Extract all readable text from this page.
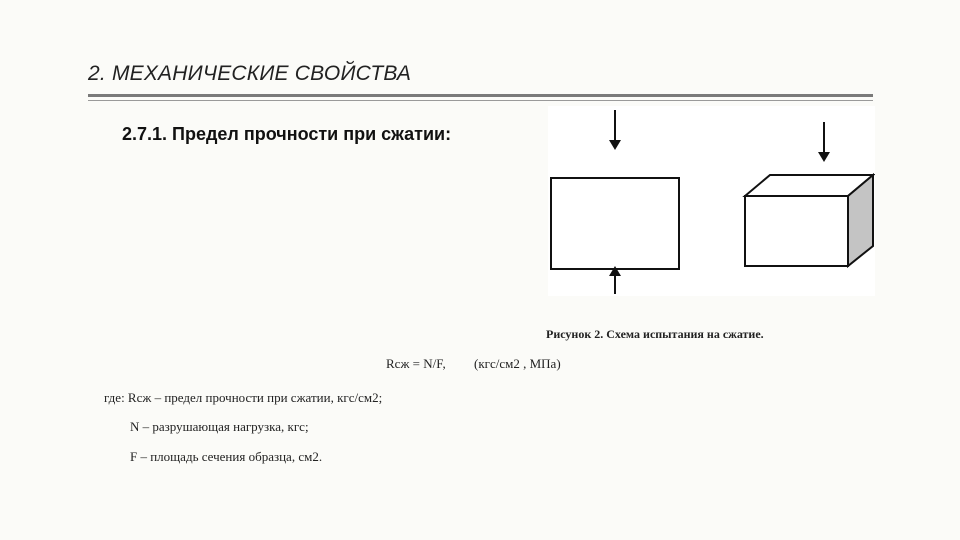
2. МЕХАНИЧЕСКИЕ СВОЙСТВА
2.7.1. Предел прочности при сжатии:
Рисунок 2. Схема испытания на сжатие.
Rсж = N/F, (кгс/см2 , МПа)
где: Rсж – предел прочности при сжатии, кгс/см2;
N – разрушающая нагрузка, кгс;
F – площадь сечения образца, см2.
